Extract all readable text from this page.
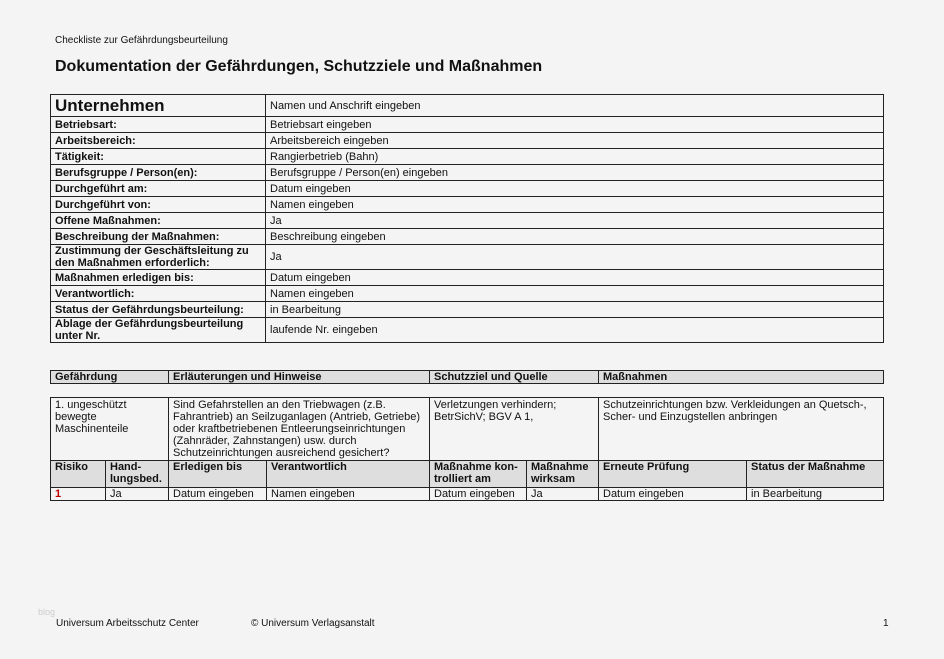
Checkliste zur Gefährdungsbeurteilung
Dokumentation der Gefährdungen, Schutzziele und Maßnahmen
Unternehmen	Namen und Anschrift eingeben
Betriebsart:	Betriebsart eingeben
Arbeitsbereich:	Arbeitsbereich eingeben
Tätigkeit:	Rangierbetrieb (Bahn)
Berufsgruppe / Person(en):	Berufsgruppe / Person(en) eingeben
Durchgeführt am:	Datum eingeben
Durchgeführt von:	Namen eingeben
Offene Maßnahmen:	Ja
Beschreibung der Maßnahmen:	Beschreibung eingeben
Zustimmung der Geschäftsleitung zu den Maßnahmen erforderlich:	Ja
Maßnahmen erledigen bis:	Datum eingeben
Verantwortlich:	Namen eingeben
Status der Gefährdungsbeurteilung:	in Bearbeitung
Ablage der Gefährdungsbeurteilung unter Nr.	laufende Nr. eingeben
Gefährdung	Erläuterungen und Hinweise	Schutzziel und Quelle	Maßnahmen
1. ungeschützt bewegte Maschinenteile		Sind Gefahrstellen an den Triebwagen (z.B. Fahrantrieb) an Seilzuganlagen (Antrieb, Getriebe) oder kraftbetriebenen Entleerungseinrichtungen (Zahnräder, Zahnstangen) usw. durch Schutzeinrichtungen ausreichend gesichert?		Verletzungen verhindern; BetrSichV; BGV A 1,		Schutzeinrichtungen bzw. Verkleidungen an Quetsch-, Scher- und Einzugstellen anbringen	
Risiko	Hand-lungsbed.	Erledigen bis	Verantwortlich	Maßnahme kon-trolliert am	Maßnahme wirksam	Erneute Prüfung	Status der Maßnahme
1	Ja	Datum eingeben	Namen eingeben	Datum eingeben	Ja	Datum eingeben	in Bearbeitung
blog
Universum Arbeitsschutz Center	© Universum Verlagsanstalt	1
